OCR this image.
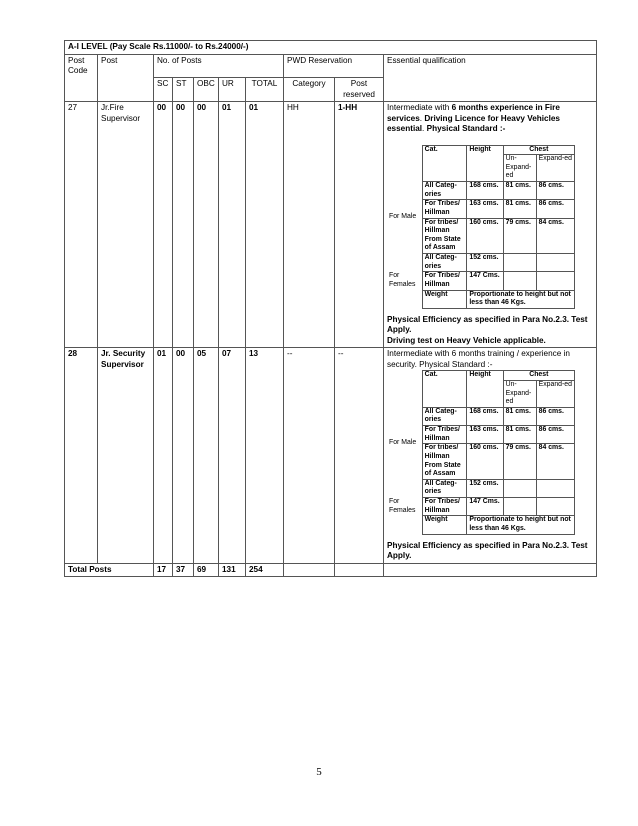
A-I LEVEL (Pay Scale Rs.11000/- to Rs.24000/-)
Post
Code	Post	No. of Posts	PWD Reservation	Essential qualification
		SC	ST	OBC	UR	TOTAL	Category	Post
reserved	
27	Jr.Fire Supervisor	00	00	00	01	01	HH	1-HH	Intermediate with 6 months experience in Fire services. Driving Licence for Heavy Vehicles essential. Physical Standard :-
	Cat.	Height	Chest
Un-Expand-ed	Expand-ed
For Male	All Categ-ories	168 cms.	81 cms.	86 cms.
For Tribes/ Hillman	163 cms.	81 cms.	86 cms.
For tribes/ Hillman From State of Assam	160 cms.	79 cms.	84 cms.
For Females	All Categ-ories	152 cms.		
For Tribes/ Hillman	147 Cms.		
Weight	Proportionate to height but not less than 46 Kgs.
Physical Efficiency as specified in Para No.2.3. Test Apply.
Driving test on Heavy Vehicle applicable.

28	Jr. Security Supervisor	01	00	05	07	13	--	--	Intermediate with 6 months training / experience in security. Physical Standard :-
	Cat.	Height	Chest
Un-Expand-ed	Expand-ed
For Male	All Categ-ories	168 cms.	81 cms.	86 cms.
For Tribes/ Hillman	163 cms.	81 cms.	86 cms.
For tribes/ Hillman From State of Assam	160 cms.	79 cms.	84 cms.
For Females	All Categ-ories	152 cms.		
For Tribes/ Hillman	147 Cms.		
Weight	Proportionate to height but not less than 46 Kgs.
Physical Efficiency as specified in Para No.2.3. Test Apply.

Total Posts	17	37	69	131	254			
5
